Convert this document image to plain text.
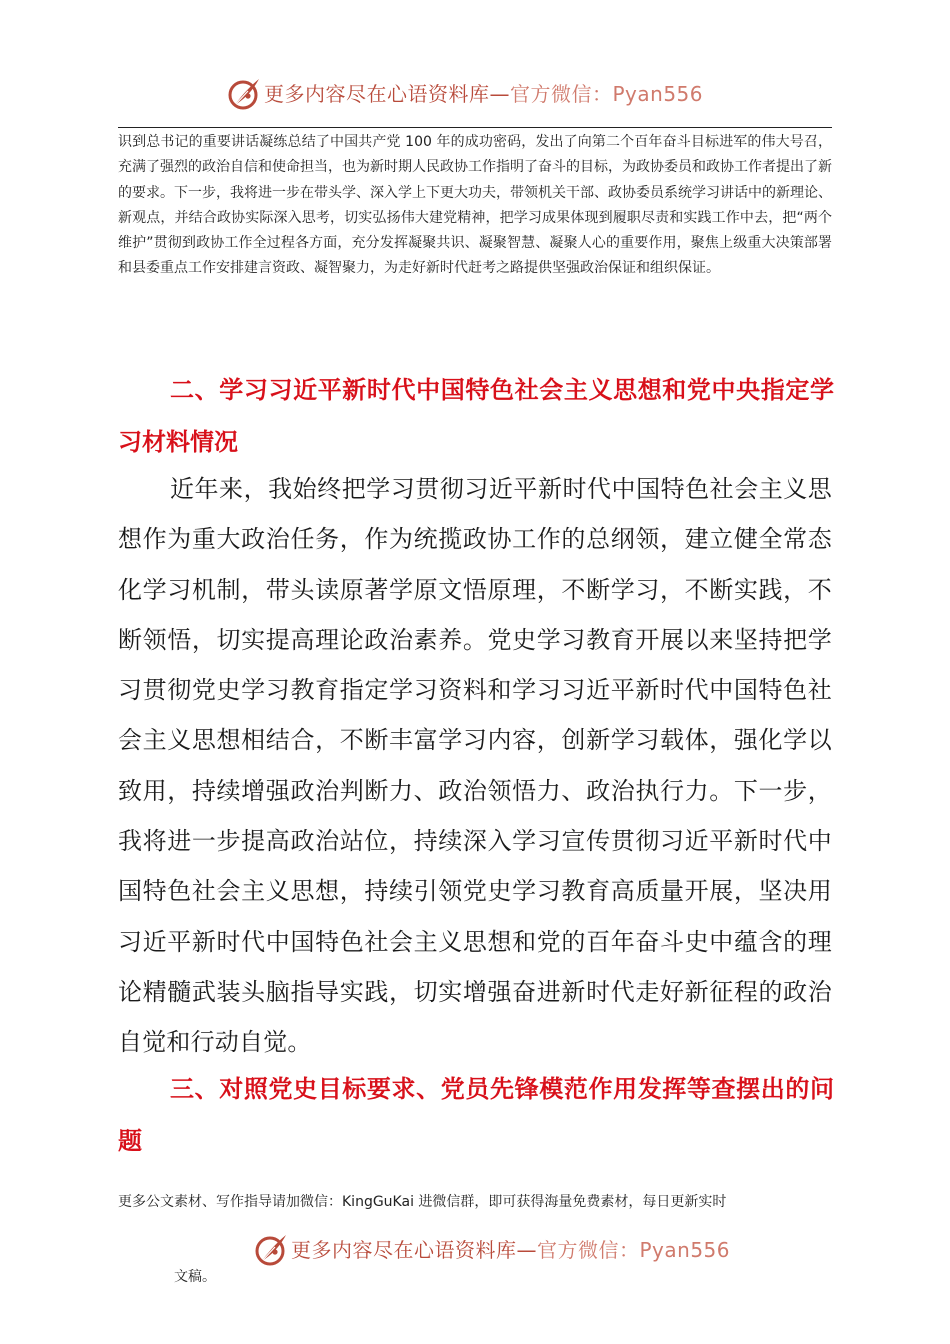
更多内容尽在心语资料库—官方微信：Pyan556

识到总书记的重要讲话凝练总结了中国共产党 100 年的成功密码，发出了向第二个百年奋斗目标进军的伟大号召，充满了强烈的政治自信和使命担当，也为新时期人民政协工作指明了奋斗的目标，为政协委员和政协工作者提出了新的要求。下一步，我将进一步在带头学、深入学上下更大功夫，带领机关干部、政协委员系统学习讲话中的新理论、新观点，并结合政协实际深入思考，切实弘扬伟大建党精神，把学习成果体现到履职尽责和实践工作中去，把“两个维护”贯彻到政协工作全过程各方面，充分发挥凝聚共识、凝聚智慧、凝聚人心的重要作用，聚焦上级重大决策部署和县委重点工作安排建言资政、凝智聚力，为走好新时代赶考之路提供坚强政治保证和组织保证。

二、学习习近平新时代中国特色社会主义思想和党中央指定学习材料情况

近年来，我始终把学习贯彻习近平新时代中国特色社会主义思想作为重大政治任务，作为统揽政协工作的总纲领，建立健全常态化学习机制，带头读原著学原文悟原理，不断学习，不断实践，不断领悟，切实提高理论政治素养。党史学习教育开展以来坚持把学习贯彻党史学习教育指定学习资料和学习习近平新时代中国特色社会主义思想相结合，不断丰富学习内容，创新学习载体，强化学以致用，持续增强政治判断力、政治领悟力、政治执行力。下一步，我将进一步提高政治站位，持续深入学习宣传贯彻习近平新时代中国特色社会主义思想，持续引领党史学习教育高质量开展，坚决用习近平新时代中国特色社会主义思想和党的百年奋斗史中蕴含的理论精髓武装头脑指导实践，切实增强奋进新时代走好新征程的政治自觉和行动自觉。

三、对照党史目标要求、党员先锋模范作用发挥等查摆出的问题

更多公文素材、写作指导请加微信：KingGuKai 进微信群，即可获得海量免费素材，每日更新实时

更多内容尽在心语资料库—官方微信：Pyan556

文稿。
